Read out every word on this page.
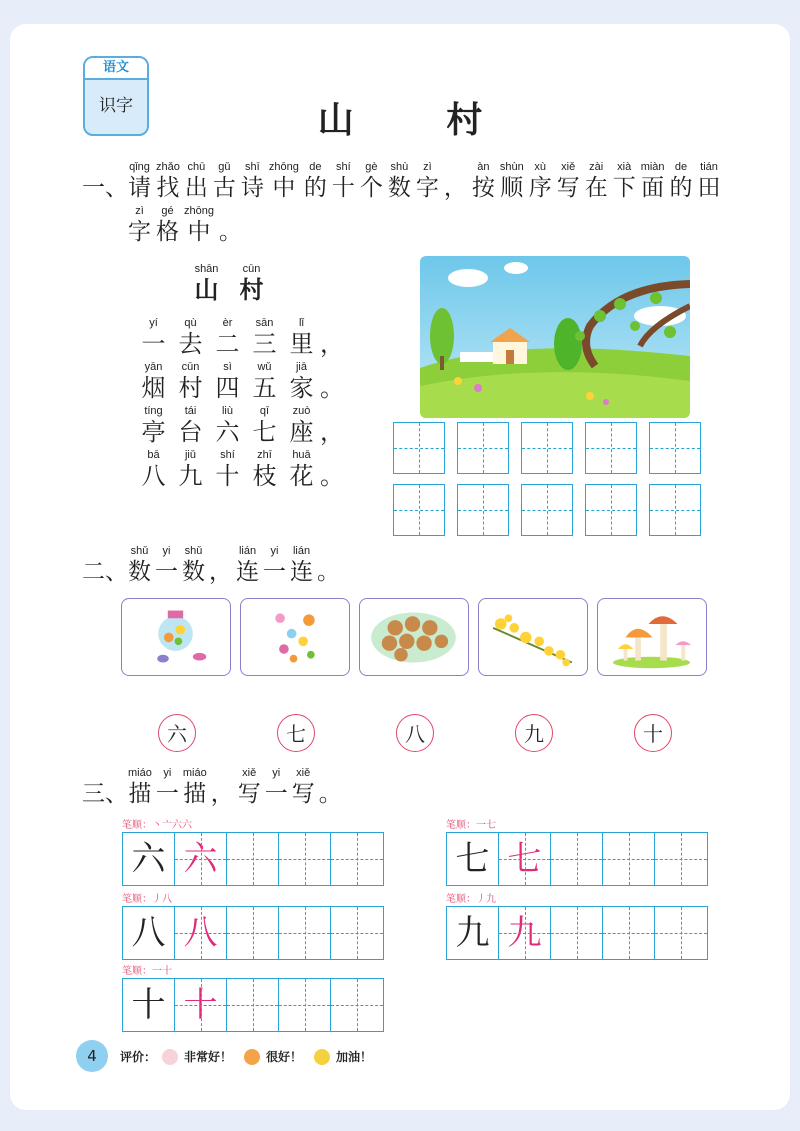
语文
识字	山 村
一、
qǐng
请
zhǎo
找
chū
出
gǔ
古
shī
诗
zhōng
中
de
的
shí
十
gè
个
shù
数
zì
字 ，
àn
按
shùn
顺
xù
序
xiě
写
zài
在
xià
下
miàn
面
de
的
tián
田
zì
字
gé
格
zhōng
中 。
shān
山
cūn
村
yí
一
qù
去
èr
二
sān
三
lǐ
里 ，
yān
烟
cūn
村
sì
四
wǔ
五
jiā
家 。
tíng
亭
tái
台
liù
六
qī
七
zuò
座 ，
bā
八
jiǔ
九
shí
十
zhī
枝
huā
花 。
二、
shǔ
数
yi
一
shǔ
数 ，
lián
连
yi
一
lián
连 。
六	七	八	九	十
三、
miáo
描
yi
一
miáo
描 ，
xiě
写
yi
一
xiě
写 。
笔顺：丶亠六六
六 六
笔顺：一七
七 七
笔顺：丿八
八 八
笔顺：丿九
九 九
笔顺：一十
十 十
4	评价： 非常好！	很好！	加油！
